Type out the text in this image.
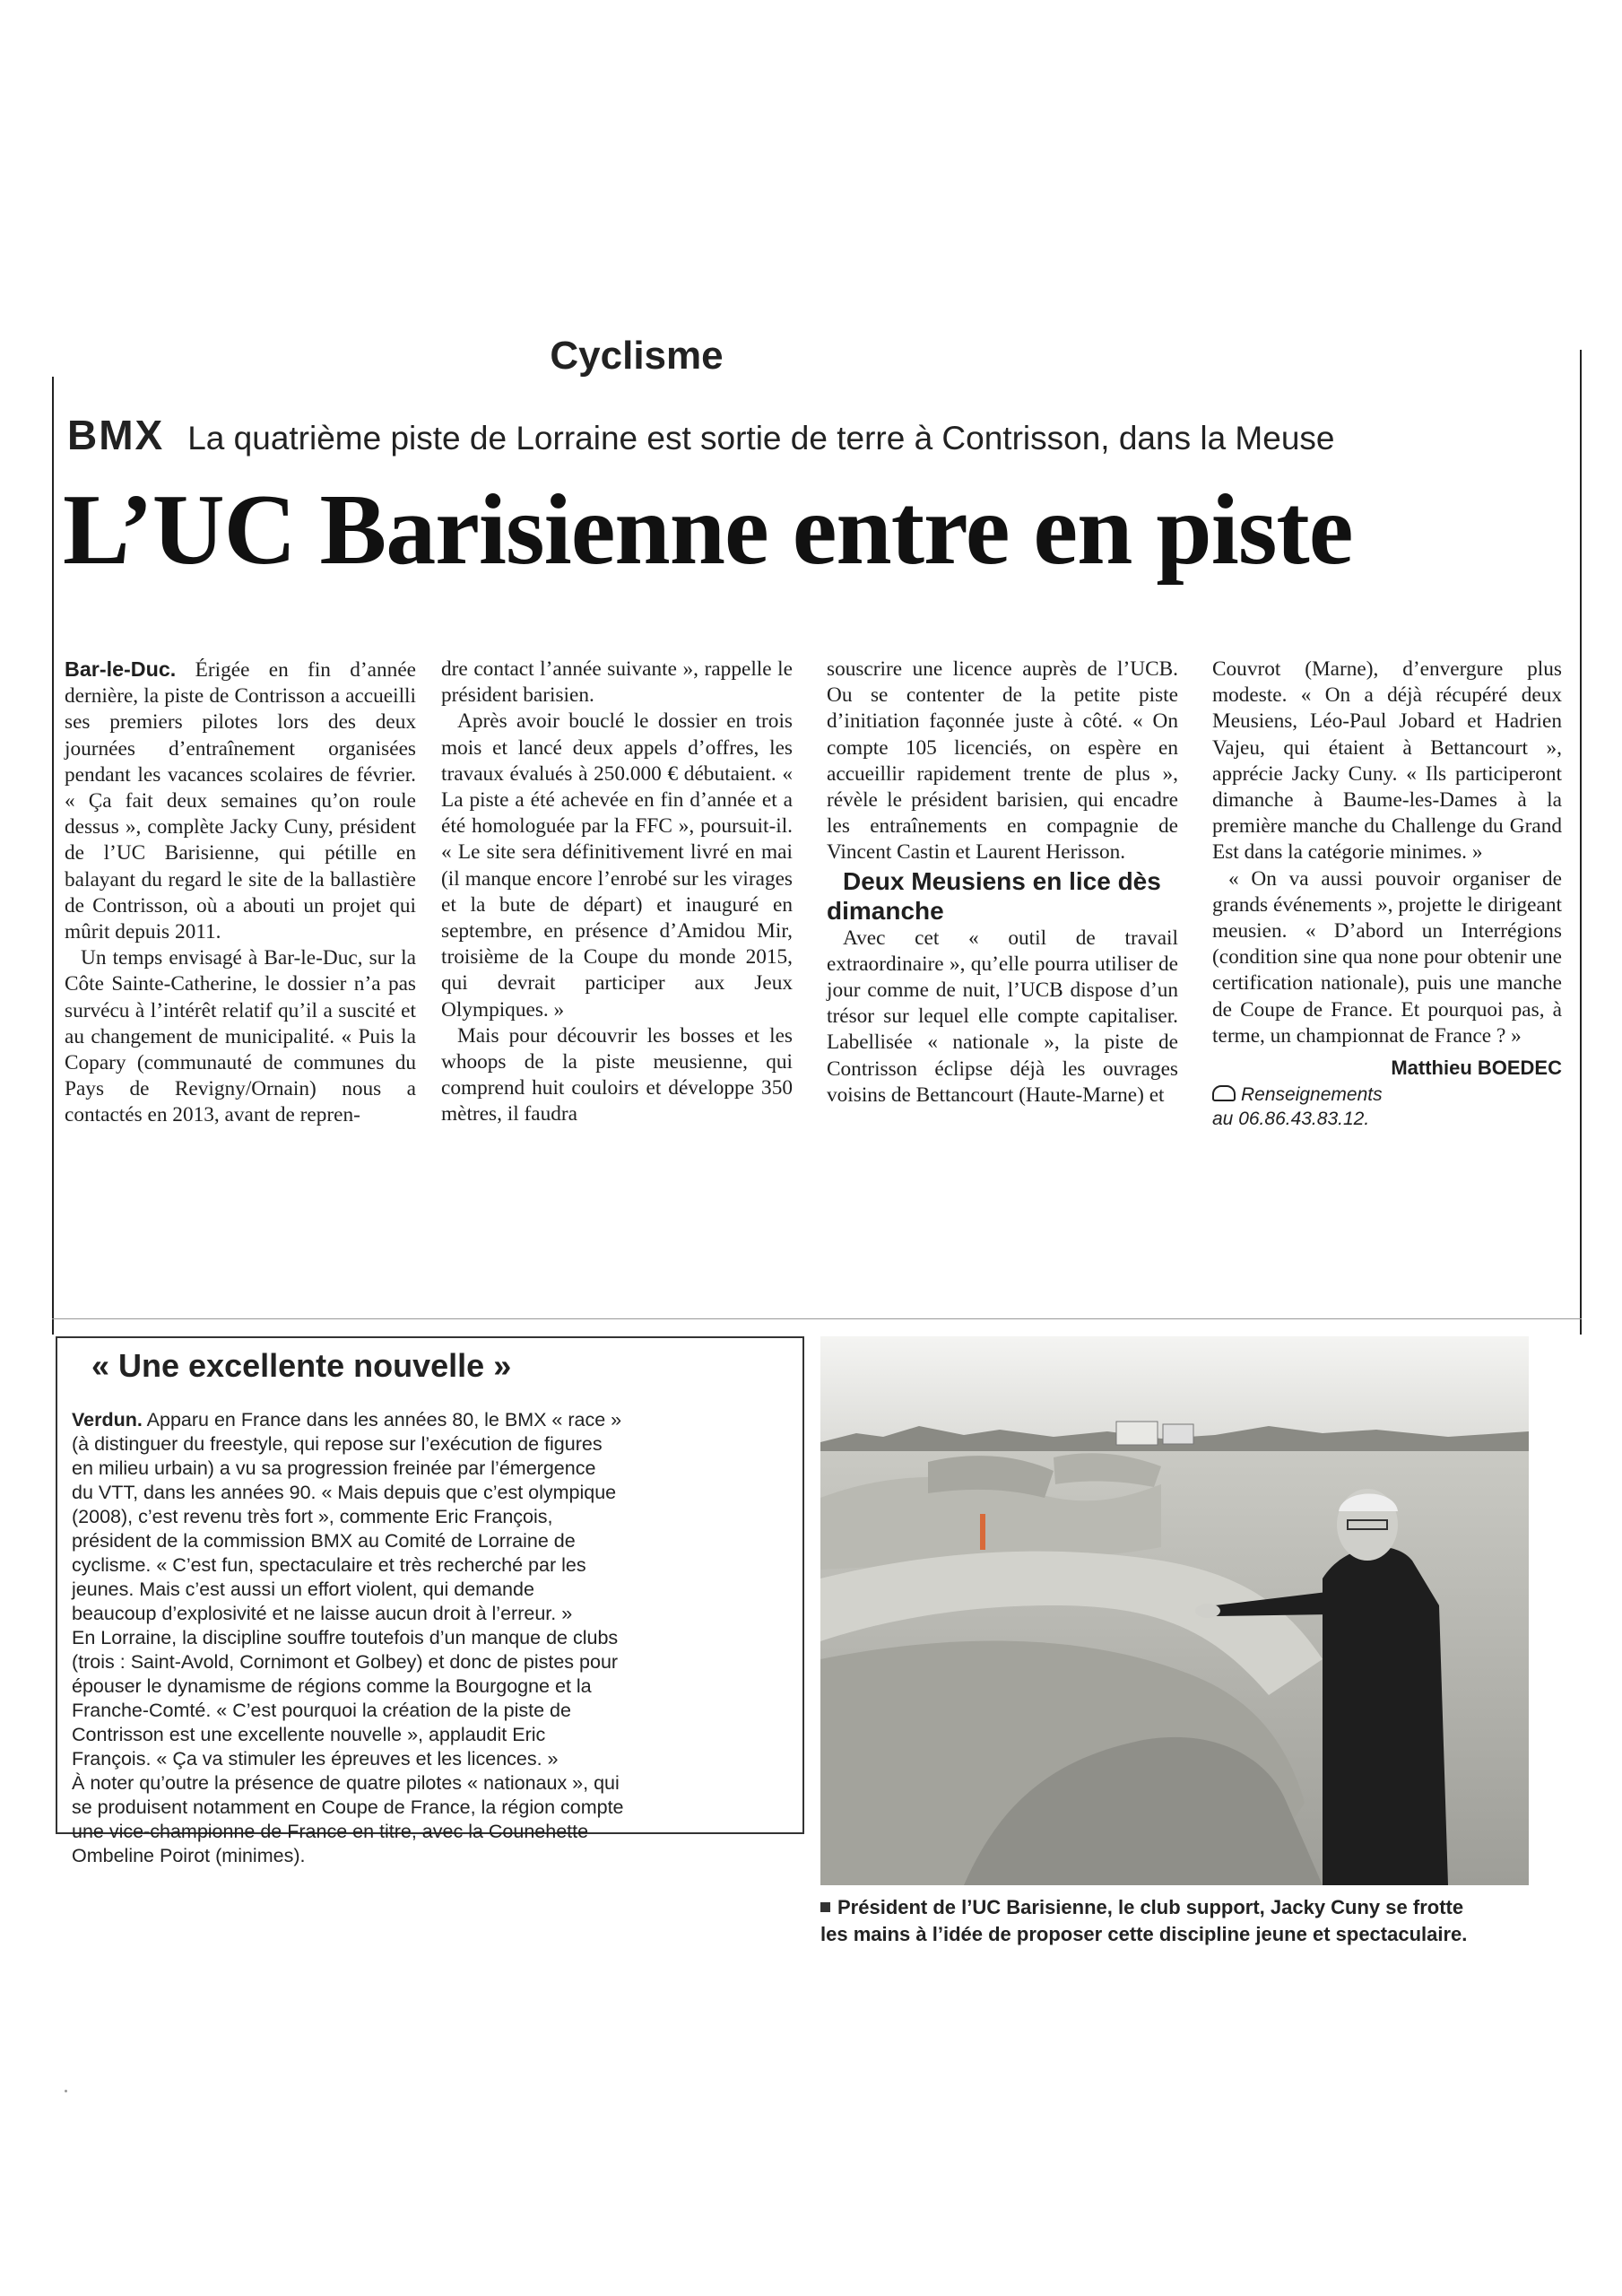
Cyclisme
BMX La quatrième piste de Lorraine est sortie de terre à Contrisson, dans la Meuse
L’UC Barisienne entre en piste

Bar-le-Duc. Érigée en fin d’année dernière, la piste de Contrisson a accueilli ses premiers pilotes lors des deux journées d’entraînement organisées pendant les vacances scolaires de février. « Ça fait deux semaines qu’on roule dessus », complète Jacky Cuny, président de l’UC Barisienne, qui pétille en balayant du regard le site de la ballastière de Contrisson, où a abouti un projet qui mûrit depuis 2011.

Un temps envisagé à Bar-le-Duc, sur la Côte Sainte-Catherine, le dossier n’a pas survécu à l’intérêt relatif qu’il a suscité et au changement de municipalité. « Puis la Copary (communauté de communes du Pays de Revigny/Ornain) nous a contactés en 2013, avant de repren-

dre contact l’année suivante », rappelle le président barisien.

Après avoir bouclé le dossier en trois mois et lancé deux appels d’offres, les travaux évalués à 250.000 € débutaient. « La piste a été achevée en fin d’année et a été homologuée par la FFC », poursuit-il. « Le site sera définitivement livré en mai (il manque encore l’enrobé sur les virages et la bute de départ) et inauguré en septembre, en présence d’Amidou Mir, troisième de la Coupe du monde 2015, qui devrait participer aux Jeux Olympiques. »

Mais pour découvrir les bosses et les whoops de la piste meusienne, qui comprend huit couloirs et développe 350 mètres, il faudra

souscrire une licence auprès de l’UCB. Ou se contenter de la petite piste d’initiation façonnée juste à côté. « On compte 105 licenciés, on espère en accueillir rapidement trente de plus », révèle le président barisien, qui encadre les entraînements en compagnie de Vincent Castin et Laurent Herisson.

Deux Meusiens en lice dès dimanche

Avec cet « outil de travail extraordinaire », qu’elle pourra utiliser de jour comme de nuit, l’UCB dispose d’un trésor sur lequel elle compte capitaliser. Labellisée « nationale », la piste de Contrisson éclipse déjà les ouvrages voisins de Bettancourt (Haute-Marne) et

Couvrot (Marne), d’envergure plus modeste. « On a déjà récupéré deux Meusiens, Léo-Paul Jobard et Hadrien Vajeu, qui étaient à Bettancourt », apprécie Jacky Cuny. « Ils participeront dimanche à Baume-les-Dames à la première manche du Challenge du Grand Est dans la catégorie minimes. »

« On va aussi pouvoir organiser de grands événements », projette le dirigeant meusien. « D’abord un Interrégions (condition sine qua none pour obtenir une certification nationale), puis une manche de Coupe de France. Et pourquoi pas, à terme, un championnat de France ? »

Matthieu BOEDEC
Renseignements
au 06.86.43.83.12.
« Une excellente nouvelle »

Verdun. Apparu en France dans les années 80, le BMX « race »

(à distinguer du freestyle, qui repose sur l’exécution de figures

en milieu urbain) a vu sa progression freinée par l’émergence

du VTT, dans les années 90. « Mais depuis que c’est olympique

(2008), c’est revenu très fort », commente Eric François,

président de la commission BMX au Comité de Lorraine de

cyclisme. « C’est fun, spectaculaire et très recherché par les

jeunes. Mais c’est aussi un effort violent, qui demande

beaucoup d’explosivité et ne laisse aucun droit à l’erreur. »

En Lorraine, la discipline souffre toutefois d’un manque de clubs

(trois : Saint-Avold, Cornimont et Golbey) et donc de pistes pour

épouser le dynamisme de régions comme la Bourgogne et la

Franche-Comté. « C’est pourquoi la création de la piste de

Contrisson est une excellente nouvelle », applaudit Eric

François. « Ça va stimuler les épreuves et les licences. »

À noter qu’outre la présence de quatre pilotes « nationaux », qui

se produisent notamment en Coupe de France, la région compte

une vice-championne de France en titre, avec la Counehette

Ombeline Poirot (minimes).

Président de l’UC Barisienne, le club support, Jacky Cuny se frotte
les mains à l’idée de proposer cette discipline jeune et spectaculaire.
